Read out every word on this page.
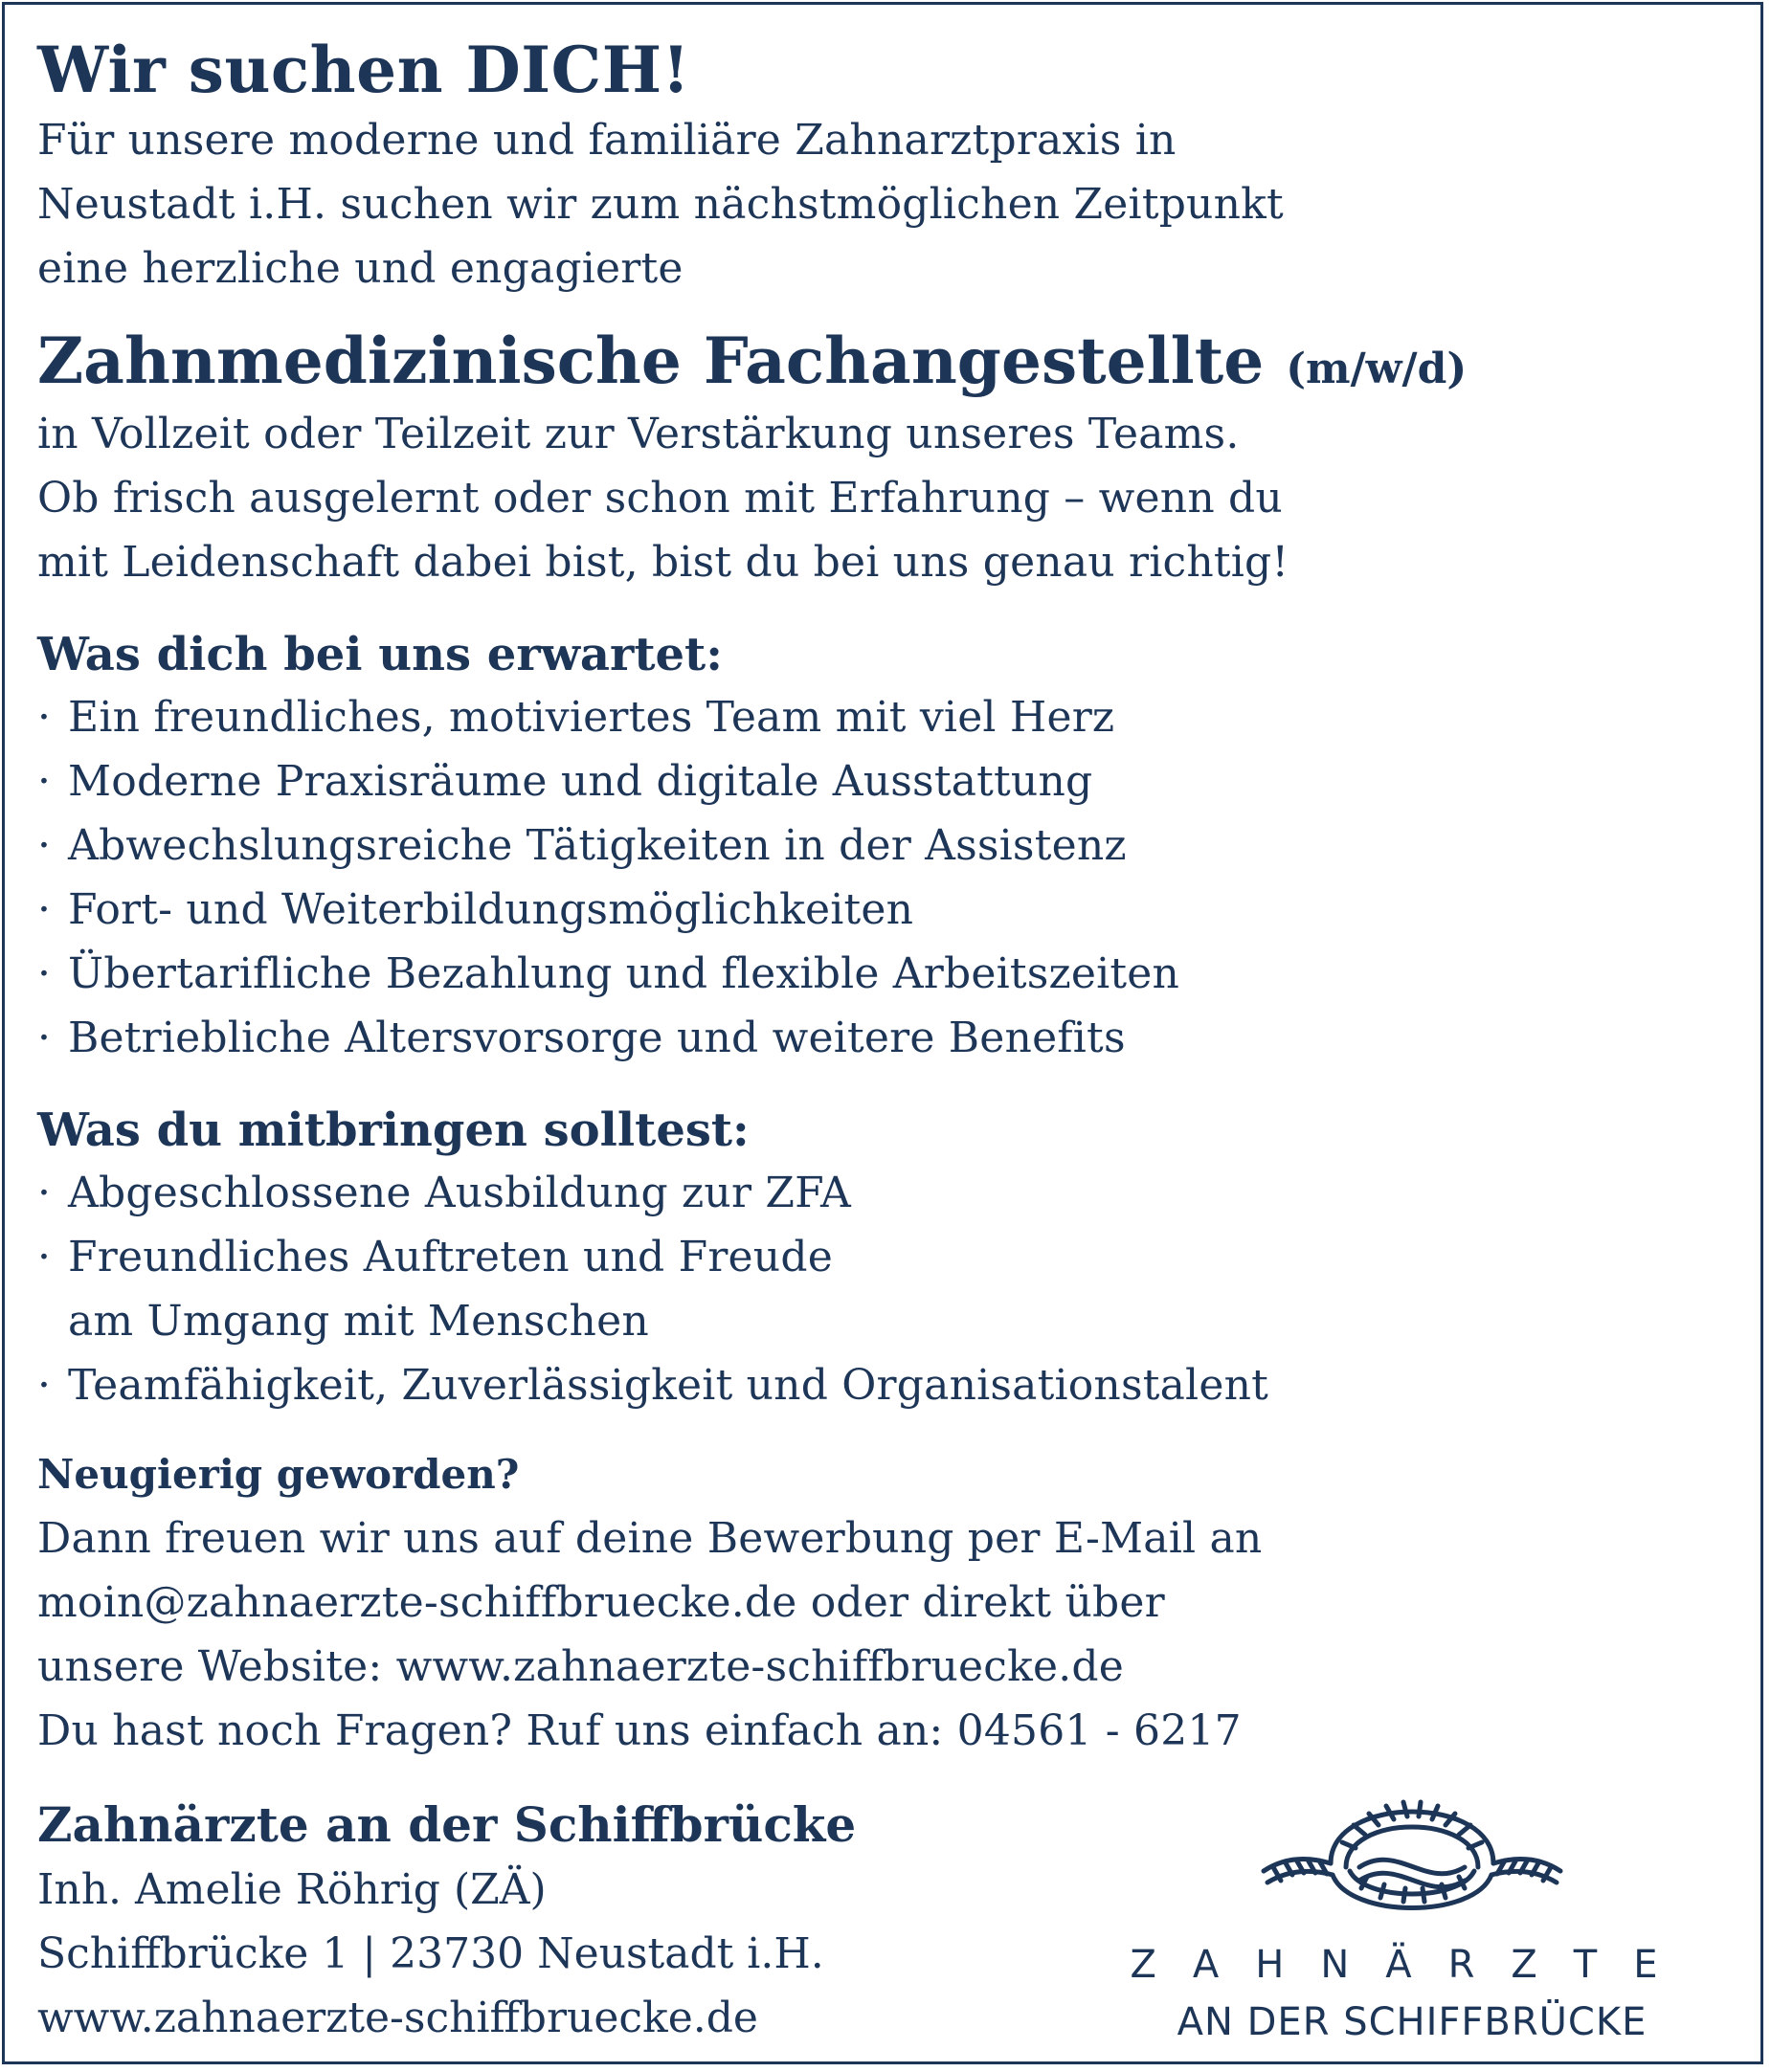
Wir suchen DICH!
Für unsere moderne und familiäre Zahnarztpraxis in
Neustadt i.H. suchen wir zum nächstmöglichen Zeitpunkt
eine herzliche und engagierte
Zahnmedizinische Fachangestellte (m/w/d)
in Vollzeit oder Teilzeit zur Verstärkung unseres Teams.
Ob frisch ausgelernt oder schon mit Erfahrung – wenn du
mit Leidenschaft dabei bist, bist du bei uns genau richtig!
Was dich bei uns erwartet:
· Ein freundliches, motiviertes Team mit viel Herz
· Moderne Praxisräume und digitale Ausstattung
· Abwechslungsreiche Tätigkeiten in der Assistenz
· Fort- und Weiterbildungsmöglichkeiten
· Übertarifliche Bezahlung und flexible Arbeitszeiten
· Betriebliche Altersvorsorge und weitere Benefits
Was du mitbringen solltest:
· Abgeschlossene Ausbildung zur ZFA
· Freundliches Auftreten und Freude
am Umgang mit Menschen
· Teamfähigkeit, Zuverlässigkeit und Organisationstalent
Neugierig geworden?
Dann freuen wir uns auf deine Bewerbung per E-Mail an
moin@zahnaerzte-schiffbruecke.de oder direkt über
unsere Website: www.zahnaerzte-schiffbruecke.de
Du hast noch Fragen? Ruf uns einfach an: 04561 - 6217
Zahnärzte an der Schiffbrücke
Inh. Amelie Röhrig (ZÄ)
Schiffbrücke 1 | 23730 Neustadt i.H.
www.zahnaerzte-schiffbruecke.de
ZAHNÄRZTE
AN DER SCHIFFBRÜCKE
